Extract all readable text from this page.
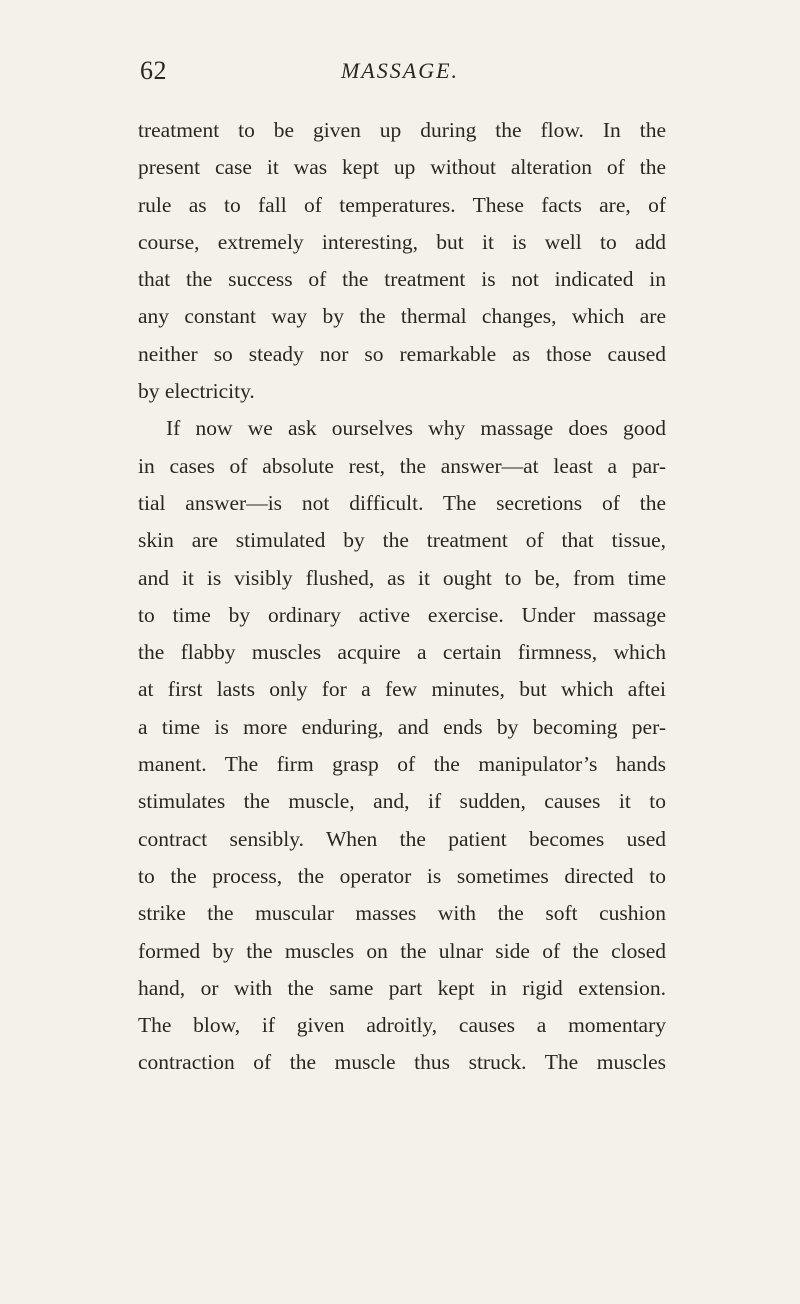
62	MASSAGE.
treatment to be given up during the flow. In the
present case it was kept up without alteration of the
rule as to fall of temperatures. These facts are, of
course, extremely interesting, but it is well to add
that the success of the treatment is not indicated in
any constant way by the thermal changes, which are
neither so steady nor so remarkable as those caused
by electricity.
If now we ask ourselves why massage does good
in cases of absolute rest, the answer—at least a par-
tial answer—is not difficult. The secretions of the
skin are stimulated by the treatment of that tissue,
and it is visibly flushed, as it ought to be, from time
to time by ordinary active exercise. Under massage
the flabby muscles acquire a certain firmness, which
at first lasts only for a few minutes, but which aftei
a time is more enduring, and ends by becoming per-
manent. The firm grasp of the manipulator’s hands
stimulates the muscle, and, if sudden, causes it to
contract sensibly. When the patient becomes used
to the process, the operator is sometimes directed to
strike the muscular masses with the soft cushion
formed by the muscles on the ulnar side of the closed
hand, or with the same part kept in rigid extension.
The blow, if given adroitly, causes a momentary
contraction of the muscle thus struck. The muscles
